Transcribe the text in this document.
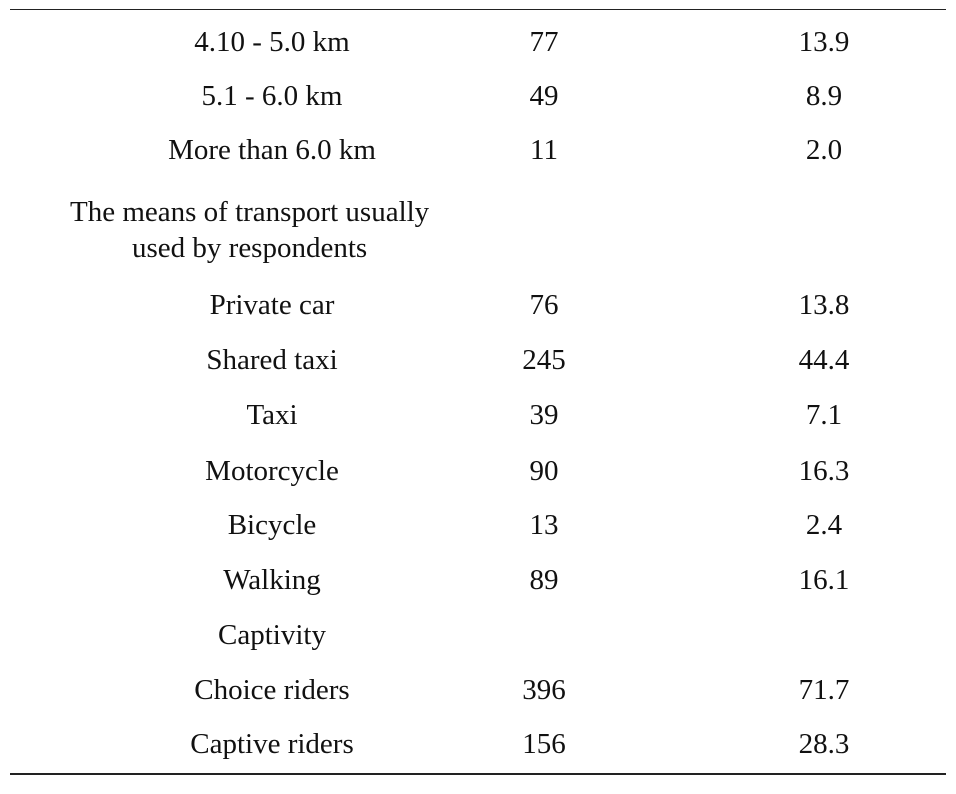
4.10 - 5.0 km	77	13.9
5.1 - 6.0 km	49	8.9
More than 6.0 km	11	2.0
The means of transport usually
used by respondents
Private car	76	13.8
Shared taxi	245	44.4
Taxi	39	7.1
Motorcycle	90	16.3
Bicycle	13	2.4
Walking	89	16.1
Captivity
Choice riders	396	71.7
Captive riders	156	28.3
